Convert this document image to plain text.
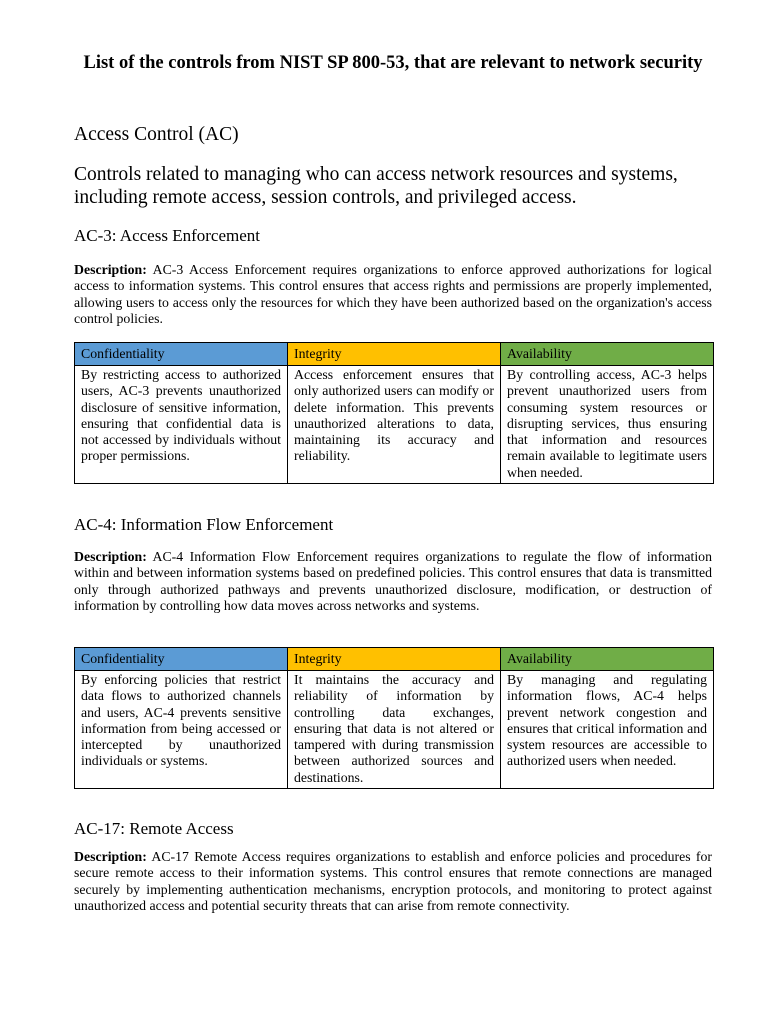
List of the controls from NIST SP 800-53, that are relevant to network security
Access Control (AC)
Controls related to managing who can access network resources and systems, including remote access, session controls, and privileged access.
AC-3: Access Enforcement
Description: AC-3 Access Enforcement requires organizations to enforce approved authorizations for logical access to information systems. This control ensures that access rights and permissions are properly implemented, allowing users to access only the resources for which they have been authorized based on the organization's access control policies.
Confidentiality	Integrity	Availability
By restricting access to authorized users, AC-3 prevents unauthorized disclosure of sensitive information, ensuring that confidential data is not accessed by individuals without proper permissions.	Access enforcement ensures that only authorized users can modify or delete information. This prevents unauthorized alterations to data, maintaining its accuracy and reliability.	By controlling access, AC-3 helps prevent unauthorized users from consuming system resources or disrupting services, thus ensuring that information and resources remain available to legitimate users when needed.
AC-4: Information Flow Enforcement
Description: AC-4 Information Flow Enforcement requires organizations to regulate the flow of information within and between information systems based on predefined policies. This control ensures that data is transmitted only through authorized pathways and prevents unauthorized disclosure, modification, or destruction of information by controlling how data moves across networks and systems.
Confidentiality	Integrity	Availability
By enforcing policies that restrict data flows to authorized channels and users, AC-4 prevents sensitive information from being accessed or intercepted by unauthorized individuals or systems.	It maintains the accuracy and reliability of information by controlling data exchanges, ensuring that data is not altered or tampered with during transmission between authorized sources and destinations.	By managing and regulating information flows, AC-4 helps prevent network congestion and ensures that critical information and system resources are accessible to authorized users when needed.
AC-17: Remote Access
Description: AC-17 Remote Access requires organizations to establish and enforce policies and procedures for secure remote access to their information systems. This control ensures that remote connections are managed securely by implementing authentication mechanisms, encryption protocols, and monitoring to protect against unauthorized access and potential security threats that can arise from remote connectivity.
